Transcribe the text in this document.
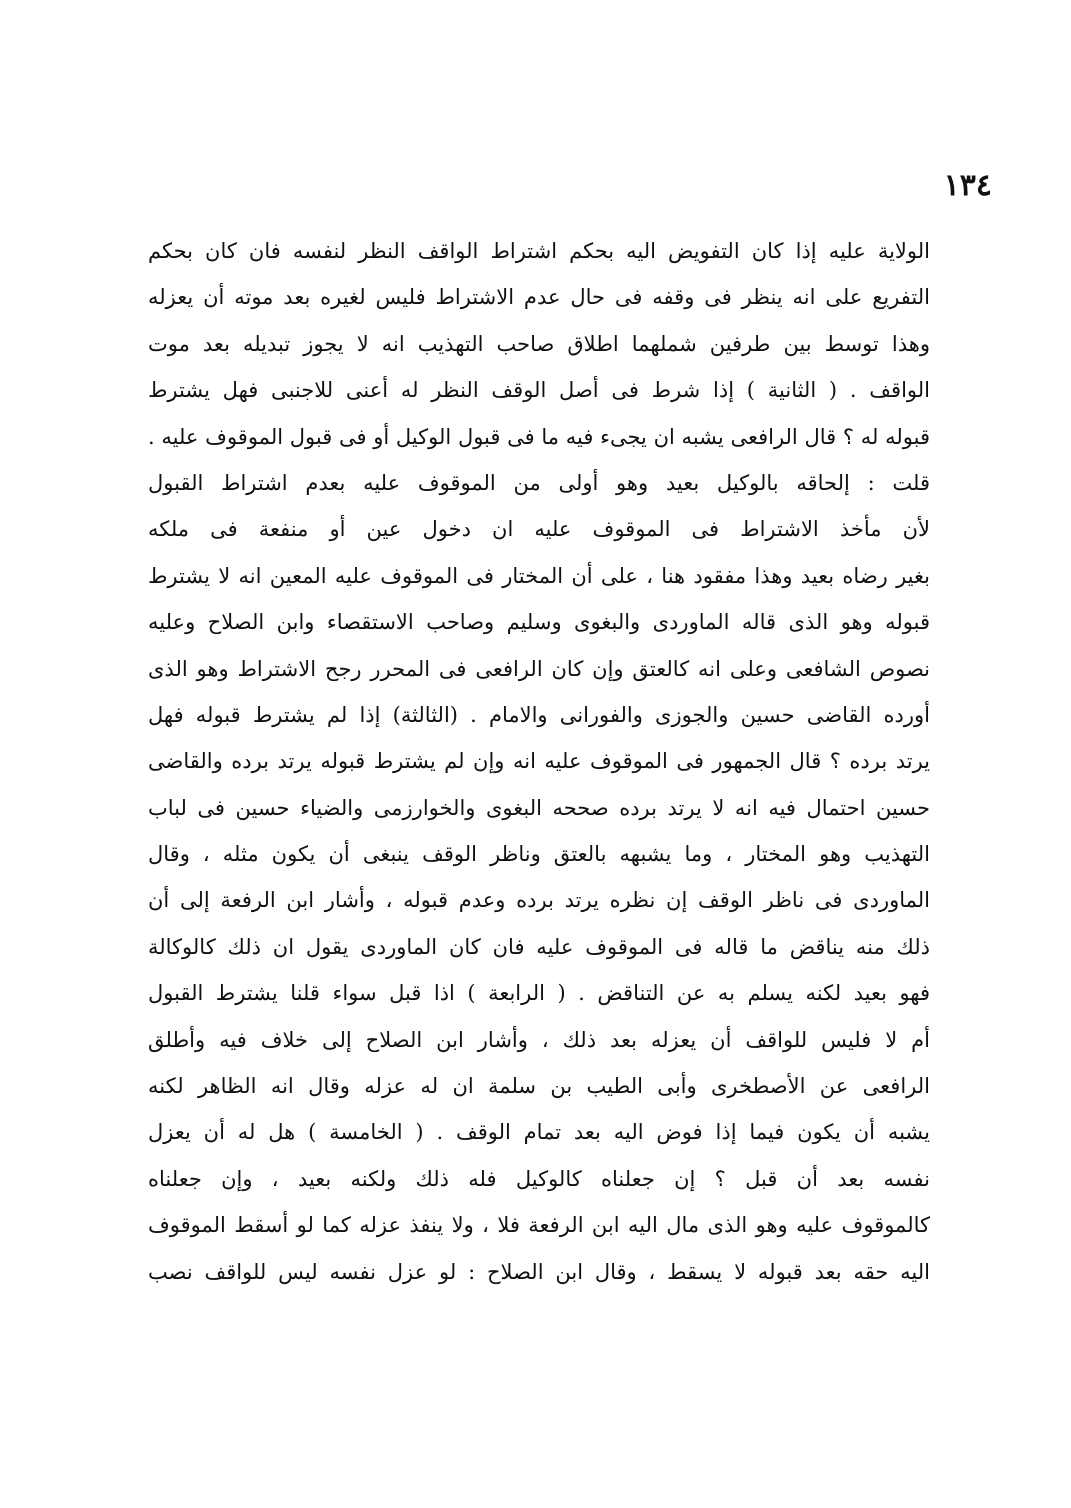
١٣٤
الولاية عليه إذا كان التفويض اليه بحكم اشتراط الواقف النظر لنفسه فان كان بحكم
التفريع على انه ينظر فى وقفه فى حال عدم الاشتراط فليس لغيره بعد موته أن يعزله
وهذا توسط بين طرفين شملهما اطلاق صاحب التهذيب انه لا يجوز تبديله بعد موت
الواقف . ( الثانية ) إذا شرط فى أصل الوقف النظر له أعنى للاجنبى فهل يشترط
قبوله له ؟ قال الرافعى يشبه ان يجىء فيه ما فى قبول الوكيل أو فى قبول الموقوف عليه .
قلت : إلحاقه بالوكيل بعيد وهو أولى من الموقوف عليه بعدم اشتراط القبول
لأن مأخذ الاشتراط فى الموقوف عليه ان دخول عين أو منفعة فى ملكه
بغير رضاه بعيد وهذا مفقود هنا ، على أن المختار فى الموقوف عليه المعين انه لا يشترط
قبوله وهو الذى قاله الماوردى والبغوى وسليم وصاحب الاستقصاء وابن الصلاح وعليه
نصوص الشافعى وعلى انه كالعتق وإن كان الرافعى فى المحرر رجح الاشتراط وهو الذى
أورده القاضى حسين والجوزى والفورانى والامام . (الثالثة) إذا لم يشترط قبوله فهل
يرتد برده ؟ قال الجمهور فى الموقوف عليه انه وإن لم يشترط قبوله يرتد برده والقاضى
حسين احتمال فيه انه لا يرتد برده صححه البغوى والخوارزمى والضياء حسين فى لباب
التهذيب وهو المختار ، وما يشبهه بالعتق وناظر الوقف ينبغى أن يكون مثله ، وقال
الماوردى فى ناظر الوقف إن نظره يرتد برده وعدم قبوله ، وأشار ابن الرفعة إلى أن
ذلك منه يناقض ما قاله فى الموقوف عليه فان كان الماوردى يقول ان ذلك كالوكالة
فهو بعيد لكنه يسلم به عن التناقض . ( الرابعة ) اذا قبل سواء قلنا يشترط القبول
أم لا فليس للواقف أن يعزله بعد ذلك ، وأشار ابن الصلاح إلى خلاف فيه وأطلق
الرافعى عن الأصطخرى وأبى الطيب بن سلمة ان له عزله وقال انه الظاهر لكنه
يشبه أن يكون فيما إذا فوض اليه بعد تمام الوقف . ( الخامسة ) هل له أن يعزل
نفسه بعد أن قبل ؟ إن جعلناه كالوكيل فله ذلك ولكنه بعيد ، وإن جعلناه
كالموقوف عليه وهو الذى مال اليه ابن الرفعة فلا ، ولا ينفذ عزله كما لو أسقط الموقوف
اليه حقه بعد قبوله لا يسقط ، وقال ابن الصلاح : لو عزل نفسه ليس للواقف نصب
